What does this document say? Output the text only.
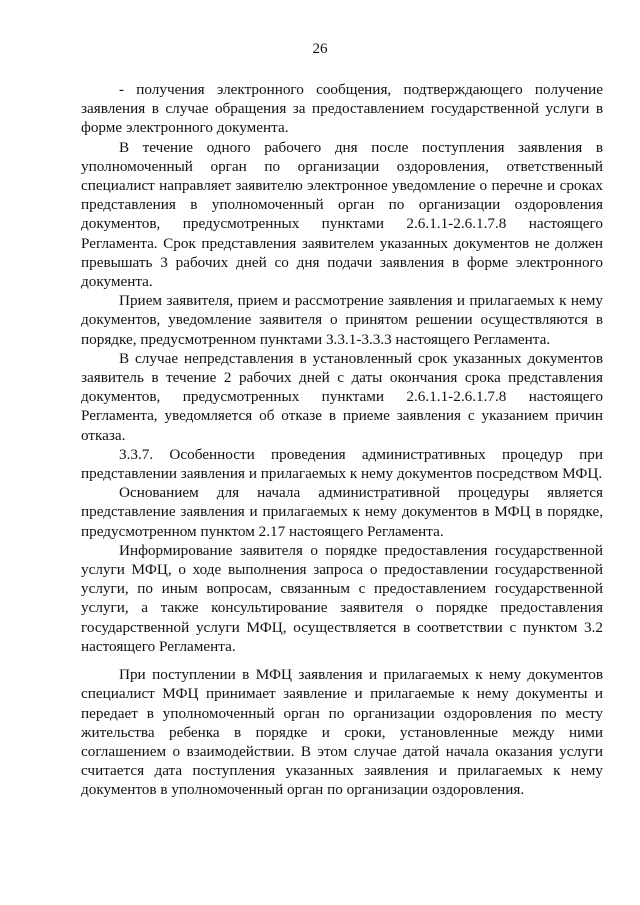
26

- получения электронного сообщения, подтверждающего получение заявления в случае обращения за предоставлением государственной услуги в форме электронного документа.

В течение одного рабочего дня после поступления заявления в уполномоченный орган по организации оздоровления, ответственный специалист направляет заявителю электронное уведомление о перечне и сроках представления в уполномоченный орган по организации оздоровления документов, предусмотренных пунктами 2.6.1.1-2.6.1.7.8 настоящего Регламента. Срок представления заявителем указанных документов не должен превышать 3 рабочих дней со дня подачи заявления в форме электронного документа.

Прием заявителя, прием и рассмотрение заявления и прилагаемых к нему документов, уведомление заявителя о принятом решении осуществляются в порядке, предусмотренном пунктами 3.3.1-3.3.3 настоящего Регламента.

В случае непредставления в установленный срок указанных документов заявитель в течение 2 рабочих дней с даты окончания срока представления документов, предусмотренных пунктами 2.6.1.1-2.6.1.7.8 настоящего Регламента, уведомляется об отказе в приеме заявления с указанием причин отказа.

3.3.7. Особенности проведения административных процедур при представлении заявления и прилагаемых к нему документов посредством МФЦ.

Основанием для начала административной процедуры является представление заявления и прилагаемых к нему документов в МФЦ в порядке, предусмотренном пунктом 2.17 настоящего Регламента.

Информирование заявителя о порядке предоставления государственной услуги МФЦ, о ходе выполнения запроса о предоставлении государственной услуги, по иным вопросам, связанным с предоставлением государственной услуги, а также консультирование заявителя о порядке предоставления государственной услуги МФЦ, осуществляется в соответствии с пунктом 3.2 настоящего Регламента.

При поступлении в МФЦ заявления и прилагаемых к нему документов специалист МФЦ принимает заявление и прилагаемые к нему документы и передает в уполномоченный орган по организации оздоровления по месту жительства ребенка в порядке и сроки, установленные между ними соглашением о взаимодействии. В этом случае датой начала оказания услуги считается дата поступления указанных заявления и прилагаемых к нему документов в уполномоченный орган по организации оздоровления.
